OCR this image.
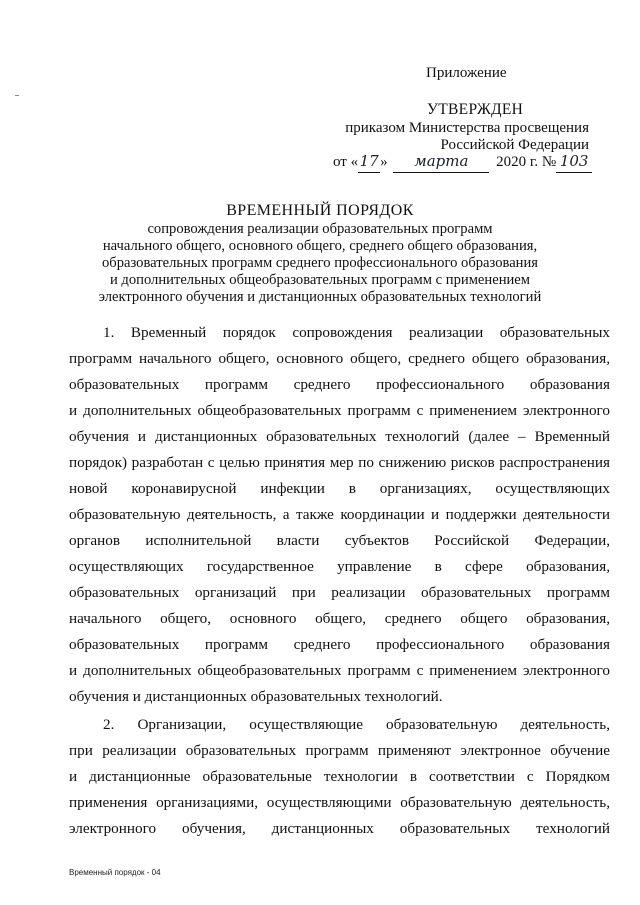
Приложение
УТВЕРЖДЕН
приказом Министерства просвещения
Российской Федерации
от «17» марта 2020 г. № 103
ВРЕМЕННЫЙ ПОРЯДОК
сопровождения реализации образовательных программ
начального общего, основного общего, среднего общего образования,
образовательных программ среднего профессионального образования
и дополнительных общеобразовательных программ с применением
электронного обучения и дистанционных образовательных технологий
1. Временный порядок сопровождения реализации образовательных
программ начального общего, основного общего, среднего общего образования,
образовательных программ среднего профессионального образования
и дополнительных общеобразовательных программ с применением электронного
обучения и дистанционных образовательных технологий (далее – Временный
порядок) разработан с целью принятия мер по снижению рисков распространения
новой коронавирусной инфекции в организациях, осуществляющих
образовательную деятельность, а также координации и поддержки деятельности
органов исполнительной власти субъектов Российской Федерации,
осуществляющих государственное управление в сфере образования,
образовательных организаций при реализации образовательных программ
начального общего, основного общего, среднего общего образования,
образовательных программ среднего профессионального образования
и дополнительных общеобразовательных программ с применением электронного
обучения и дистанционных образовательных технологий.
2. Организации, осуществляющие образовательную деятельность,
при реализации образовательных программ применяют электронное обучение
и дистанционные образовательные технологии в соответствии с Порядком
применения организациями, осуществляющими образовательную деятельность,
электронного обучения, дистанционных образовательных технологий
Временный порядок - 04
